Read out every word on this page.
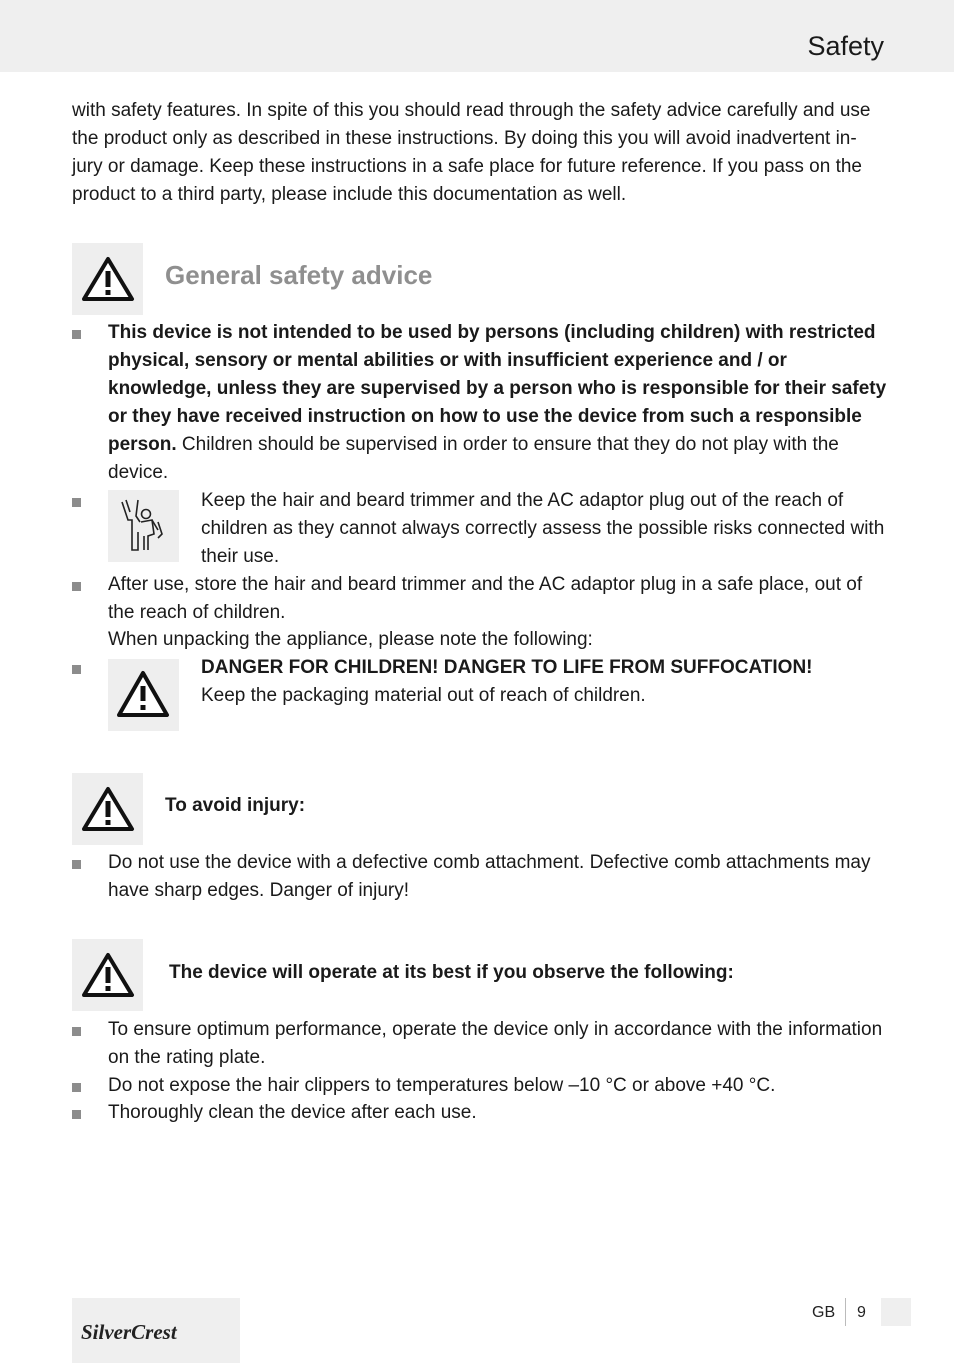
Safety

with safety features. In spite of this you should read through the safety advice carefully and use the product only as described in these instructions. By doing this you will avoid inadvertent in-jury or damage. Keep these instructions in a safe place for future reference. If you pass on the product to a third party, please include this documentation as well.

General safety advice

This device is not intended to be used by persons (including children) with restricted physical, sensory or mental abilities or with insufficient experience and / or knowledge, unless they are supervised by a person who is responsible for their safety or they have received instruction on how to use the device from such a responsible person. Children should be supervised in order to ensure that they do not play with the device.

Keep the hair and beard trimmer and the AC adaptor plug out of the reach of children as they cannot always correctly assess the possible risks connected with their use.

After use, store the hair and beard trimmer and the AC adaptor plug in a safe place, out of the reach of children.

When unpacking the appliance, please note the following:

DANGER FOR CHILDREN! DANGER TO LIFE FROM SUFFOCATION!

Keep the packaging material out of reach of children.

To avoid injury:

Do not use the device with a defective comb attachment. Defective comb attachments may have sharp edges. Danger of injury!

The device will operate at its best if you observe the following:

To ensure optimum performance, operate the device only in accordance with the information on the rating plate.

Do not expose the hair clippers to temperatures below –10 °C or above +40 °C.

Thoroughly clean the device after each use.

SilverCrest
GB 9
